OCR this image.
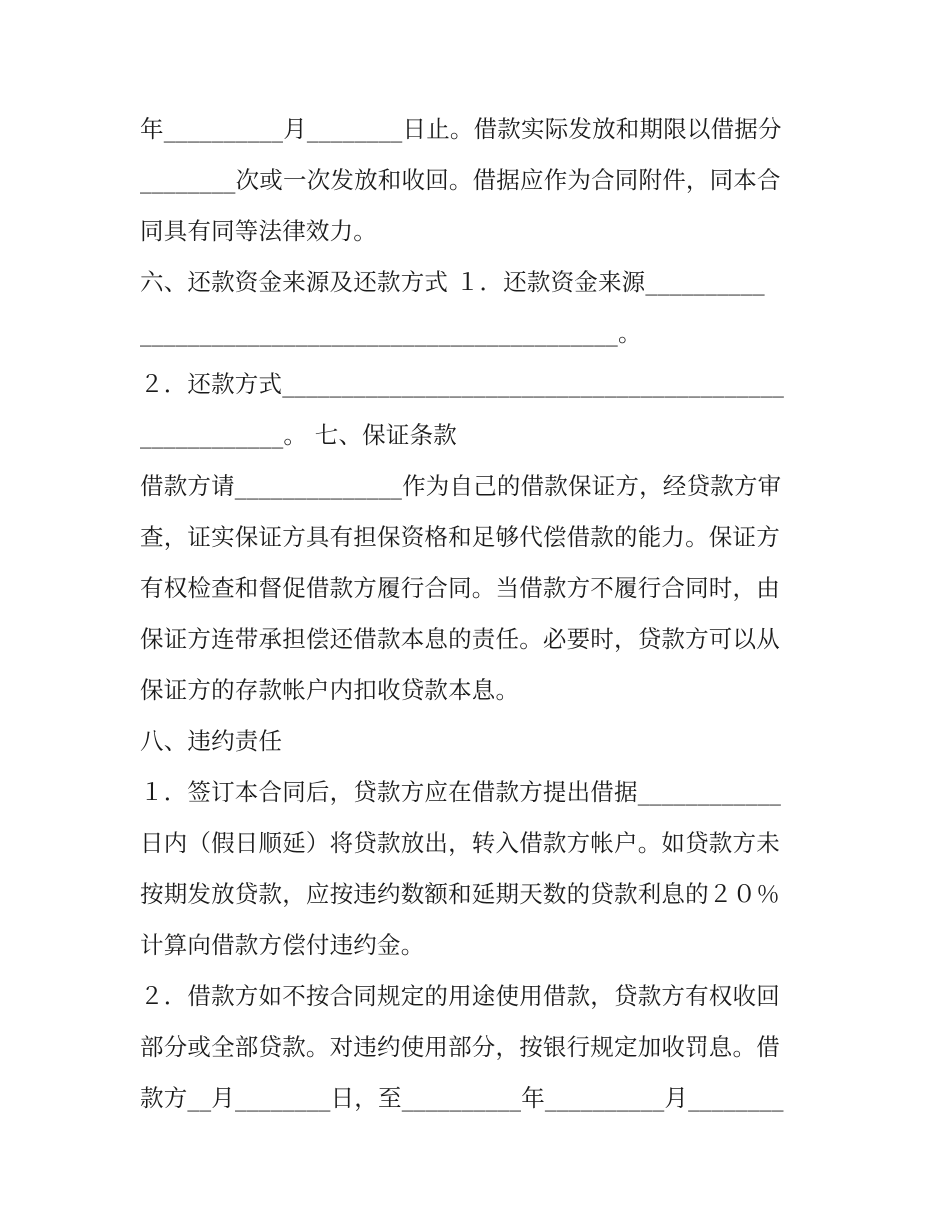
年__________月________日止。借款实际发放和期限以借据分
________次或一次发放和收回。借据应作为合同附件，同本合
同具有同等法律效力。
六、还款资金来源及还款方式 １．还款资金来源__________
________________________________________。
２．还款方式__________________________________________
____________。 七、保证条款
借款方请______________作为自己的借款保证方，经贷款方审
查，证实保证方具有担保资格和足够代偿借款的能力。保证方
有权检查和督促借款方履行合同。当借款方不履行合同时，由
保证方连带承担偿还借款本息的责任。必要时，贷款方可以从
保证方的存款帐户内扣收贷款本息。
八、违约责任
１．签订本合同后，贷款方应在借款方提出借据____________
日内（假日顺延）将贷款放出，转入借款方帐户。如贷款方未
按期发放贷款，应按违约数额和延期天数的贷款利息的２０％
计算向借款方偿付违约金。
２．借款方如不按合同规定的用途使用借款，贷款方有权收回
部分或全部贷款。对违约使用部分，按银行规定加收罚息。借
款方__月________日，至__________年__________月________
